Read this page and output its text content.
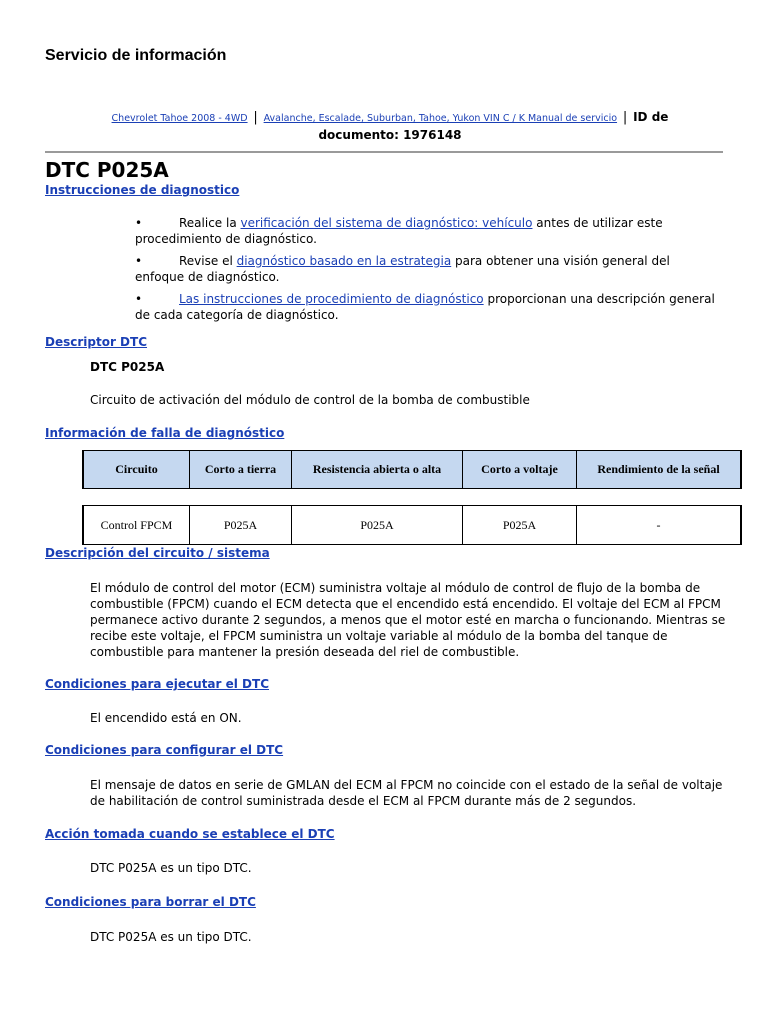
Servicio de información
Chevrolet Tahoe 2008 - 4WD | Avalanche, Escalade, Suburban, Tahoe, Yukon VIN C / K Manual de servicio | ID de documento: 1976148
DTC P025A
Instrucciones de diagnostico
•	Realice la verificación del sistema de diagnóstico: vehículo antes de utilizar este procedimiento de diagnóstico.
•	Revise el diagnóstico basado en la estrategia para obtener una visión general del enfoque de diagnóstico.
•	Las instrucciones de procedimiento de diagnóstico proporcionan una descripción general de cada categoría de diagnóstico.
Descriptor DTC
DTC P025A
Circuito de activación del módulo de control de la bomba de combustible
Información de falla de diagnóstico
Circuito	Corto a tierra	Resistencia abierta o alta	Corto a voltaje	Rendimiento de la señal

Control FPCM	P025A	P025A	P025A	-
Descripción del circuito / sistema
El módulo de control del motor (ECM) suministra voltaje al módulo de control de flujo de la bomba de combustible (FPCM) cuando el ECM detecta que el encendido está encendido. El voltaje del ECM al FPCM permanece activo durante 2 segundos, a menos que el motor esté en marcha o funcionando. Mientras se recibe este voltaje, el FPCM suministra un voltaje variable al módulo de la bomba del tanque de combustible para mantener la presión deseada del riel de combustible.
Condiciones para ejecutar el DTC
El encendido está en ON.
Condiciones para configurar el DTC
El mensaje de datos en serie de GMLAN del ECM al FPCM no coincide con el estado de la señal de voltaje de habilitación de control suministrada desde el ECM al FPCM durante más de 2 segundos.
Acción tomada cuando se establece el DTC
DTC P025A es un tipo DTC.
Condiciones para borrar el DTC
DTC P025A es un tipo DTC.
